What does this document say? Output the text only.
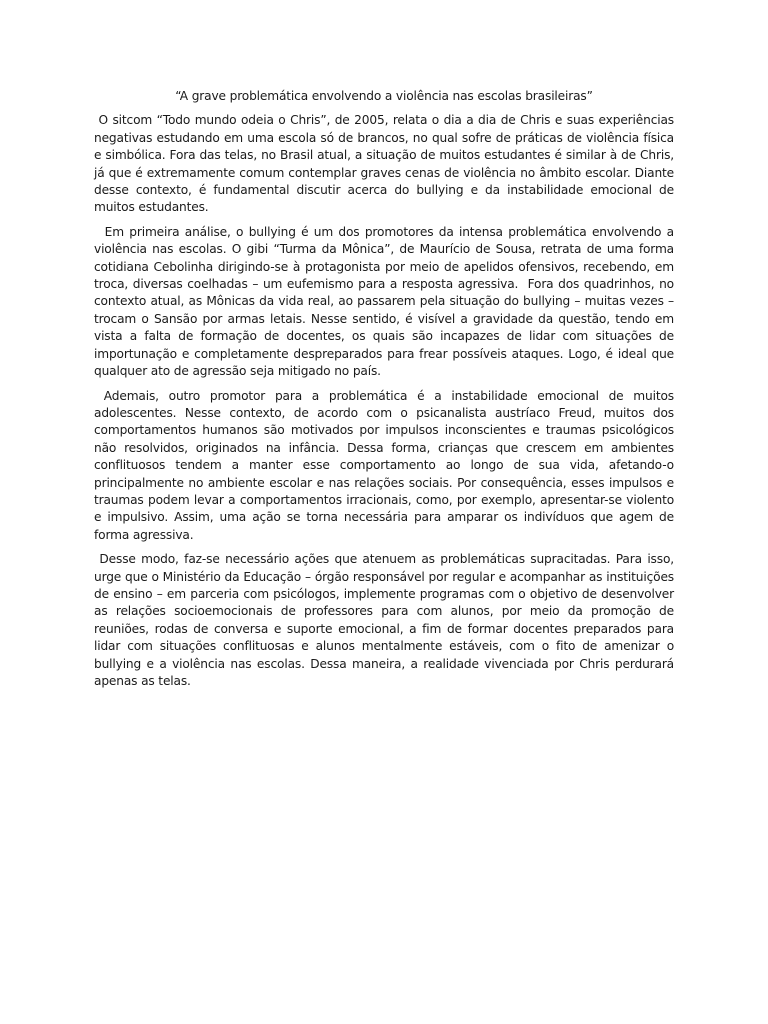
“A grave problemática envolvendo a violência nas escolas brasileiras”

O sitcom “Todo mundo odeia o Chris”, de 2005, relata o dia a dia de Chris e suas experiências negativas estudando em uma escola só de brancos, no qual sofre de práticas de violência física e simbólica. Fora das telas, no Brasil atual, a situação de muitos estudantes é similar à de Chris, já que é extremamente comum contemplar graves cenas de violência no âmbito escolar. Diante desse contexto, é fundamental discutir acerca do bullying e da instabilidade emocional de muitos estudantes.

Em primeira análise, o bullying é um dos promotores da intensa problemática envolvendo a violência nas escolas. O gibi “Turma da Mônica”, de Maurício de Sousa, retrata de uma forma cotidiana Cebolinha dirigindo-se à protagonista por meio de apelidos ofensivos, recebendo, em troca, diversas coelhadas – um eufemismo para a resposta agressiva.  Fora dos quadrinhos, no contexto atual, as Mônicas da vida real, ao passarem pela situação do bullying – muitas vezes – trocam o Sansão por armas letais. Nesse sentido, é visível a gravidade da questão, tendo em vista a falta de formação de docentes, os quais são incapazes de lidar com situações de importunação e completamente despreparados para frear possíveis ataques. Logo, é ideal que qualquer ato de agressão seja mitigado no país.

Ademais, outro promotor para a problemática é a instabilidade emocional de muitos adolescentes. Nesse contexto, de acordo com o psicanalista austríaco Freud, muitos dos comportamentos humanos são motivados por impulsos inconscientes e traumas psicológicos não resolvidos, originados na infância. Dessa forma, crianças que crescem em ambientes conflituosos tendem a manter esse comportamento ao longo de sua vida, afetando-o principalmente no ambiente escolar e nas relações sociais. Por consequência, esses impulsos e traumas podem levar a comportamentos irracionais, como, por exemplo, apresentar-se violento e impulsivo. Assim, uma ação se torna necessária para amparar os indivíduos que agem de forma agressiva.

Desse modo, faz-se necessário ações que atenuem as problemáticas supracitadas. Para isso, urge que o Ministério da Educação – órgão responsável por regular e acompanhar as instituições de ensino – em parceria com psicólogos, implemente programas com o objetivo de desenvolver as relações socioemocionais de professores para com alunos, por meio da promoção de reuniões, rodas de conversa e suporte emocional, a fim de formar docentes preparados para lidar com situações conflituosas e alunos mentalmente estáveis, com o fito de amenizar o bullying e a violência nas escolas. Dessa maneira, a realidade vivenciada por Chris perdurará apenas as telas.
